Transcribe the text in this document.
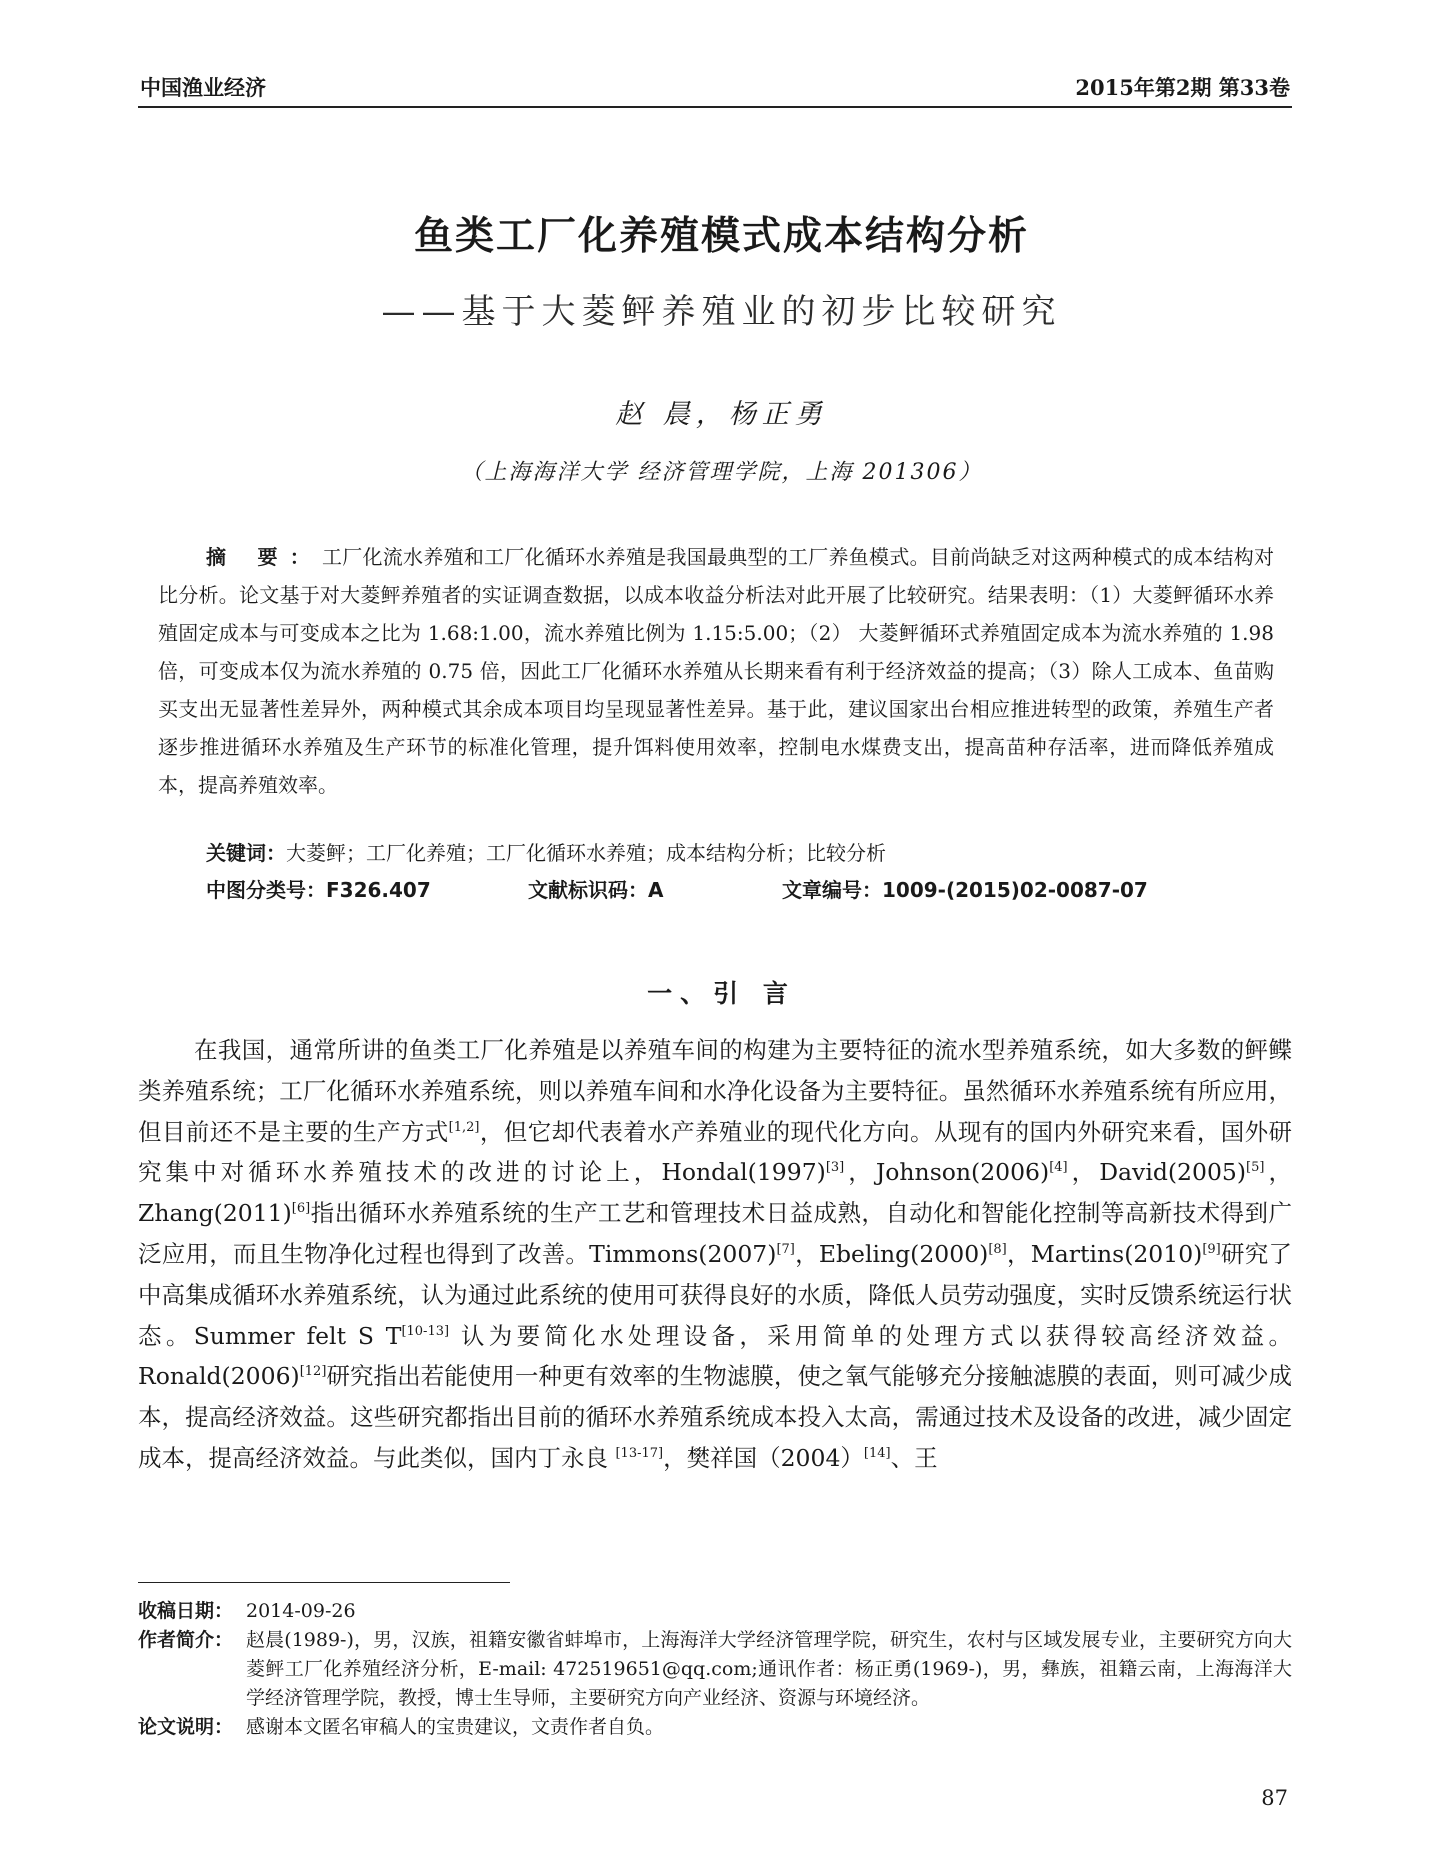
中国渔业经济	2015年第2期 第33卷
鱼类工厂化养殖模式成本结构分析
——基于大菱鲆养殖业的初步比较研究
赵 晨，杨正勇
（上海海洋大学 经济管理学院，上海 201306）
摘 要：工厂化流水养殖和工厂化循环水养殖是我国最典型的工厂养鱼模式。目前尚缺乏对这两种模式的成本结构对比分析。论文基于对大菱鲆养殖者的实证调查数据，以成本收益分析法对此开展了比较研究。结果表明：（1）大菱鲆循环水养殖固定成本与可变成本之比为 1.68:1.00，流水养殖比例为 1.15:5.00；（2） 大菱鲆循环式养殖固定成本为流水养殖的 1.98 倍，可变成本仅为流水养殖的 0.75 倍，因此工厂化循环水养殖从长期来看有利于经济效益的提高；（3）除人工成本、鱼苗购买支出无显著性差异外，两种模式其余成本项目均呈现显著性差异。基于此，建议国家出台相应推进转型的政策，养殖生产者逐步推进循环水养殖及生产环节的标准化管理，提升饵料使用效率，控制电水煤费支出，提高苗种存活率，进而降低养殖成本，提高养殖效率。
关键词：大菱鲆；工厂化养殖；工厂化循环水养殖；成本结构分析；比较分析
中图分类号：F326.407	文献标识码：A	文章编号：1009-(2015)02-0087-07
一、引 言
在我国，通常所讲的鱼类工厂化养殖是以养殖车间的构建为主要特征的流水型养殖系统，如大多数的鲆鲽类养殖系统；工厂化循环水养殖系统，则以养殖车间和水净化设备为主要特征。虽然循环水养殖系统有所应用，但目前还不是主要的生产方式[1,2]，但它却代表着水产养殖业的现代化方向。从现有的国内外研究来看，国外研究集中对循环水养殖技术的改进的讨论上，Hondal(1997)[3]，Johnson(2006)[4]，David(2005)[5]，Zhang(2011)[6]指出循环水养殖系统的生产工艺和管理技术日益成熟，自动化和智能化控制等高新技术得到广泛应用，而且生物净化过程也得到了改善。Timmons(2007)[7]，Ebeling(2000)[8]，Martins(2010)[9]研究了中高集成循环水养殖系统，认为通过此系统的使用可获得良好的水质，降低人员劳动强度，实时反馈系统运行状态。Summer felt S T[10-13] 认为要简化水处理设备，采用简单的处理方式以获得较高经济效益。Ronald(2006)[12]研究指出若能使用一种更有效率的生物滤膜，使之氧气能够充分接触滤膜的表面，则可减少成本，提高经济效益。这些研究都指出目前的循环水养殖系统成本投入太高，需通过技术及设备的改进，减少固定成本，提高经济效益。与此类似，国内丁永良 [13-17]，樊祥国（2004）[14]、王
收稿日期： 2014-09-26
作者简介： 赵晨(1989-)，男，汉族，祖籍安徽省蚌埠市，上海海洋大学经济管理学院，研究生，农村与区域发展专业，主要研究方向大菱鲆工厂化养殖经济分析，E-mail: 472519651@qq.com;通讯作者：杨正勇(1969-)，男，彝族，祖籍云南，上海海洋大学经济管理学院，教授，博士生导师，主要研究方向产业经济、资源与环境经济。
论文说明： 感谢本文匿名审稿人的宝贵建议，文责作者自负。
87
